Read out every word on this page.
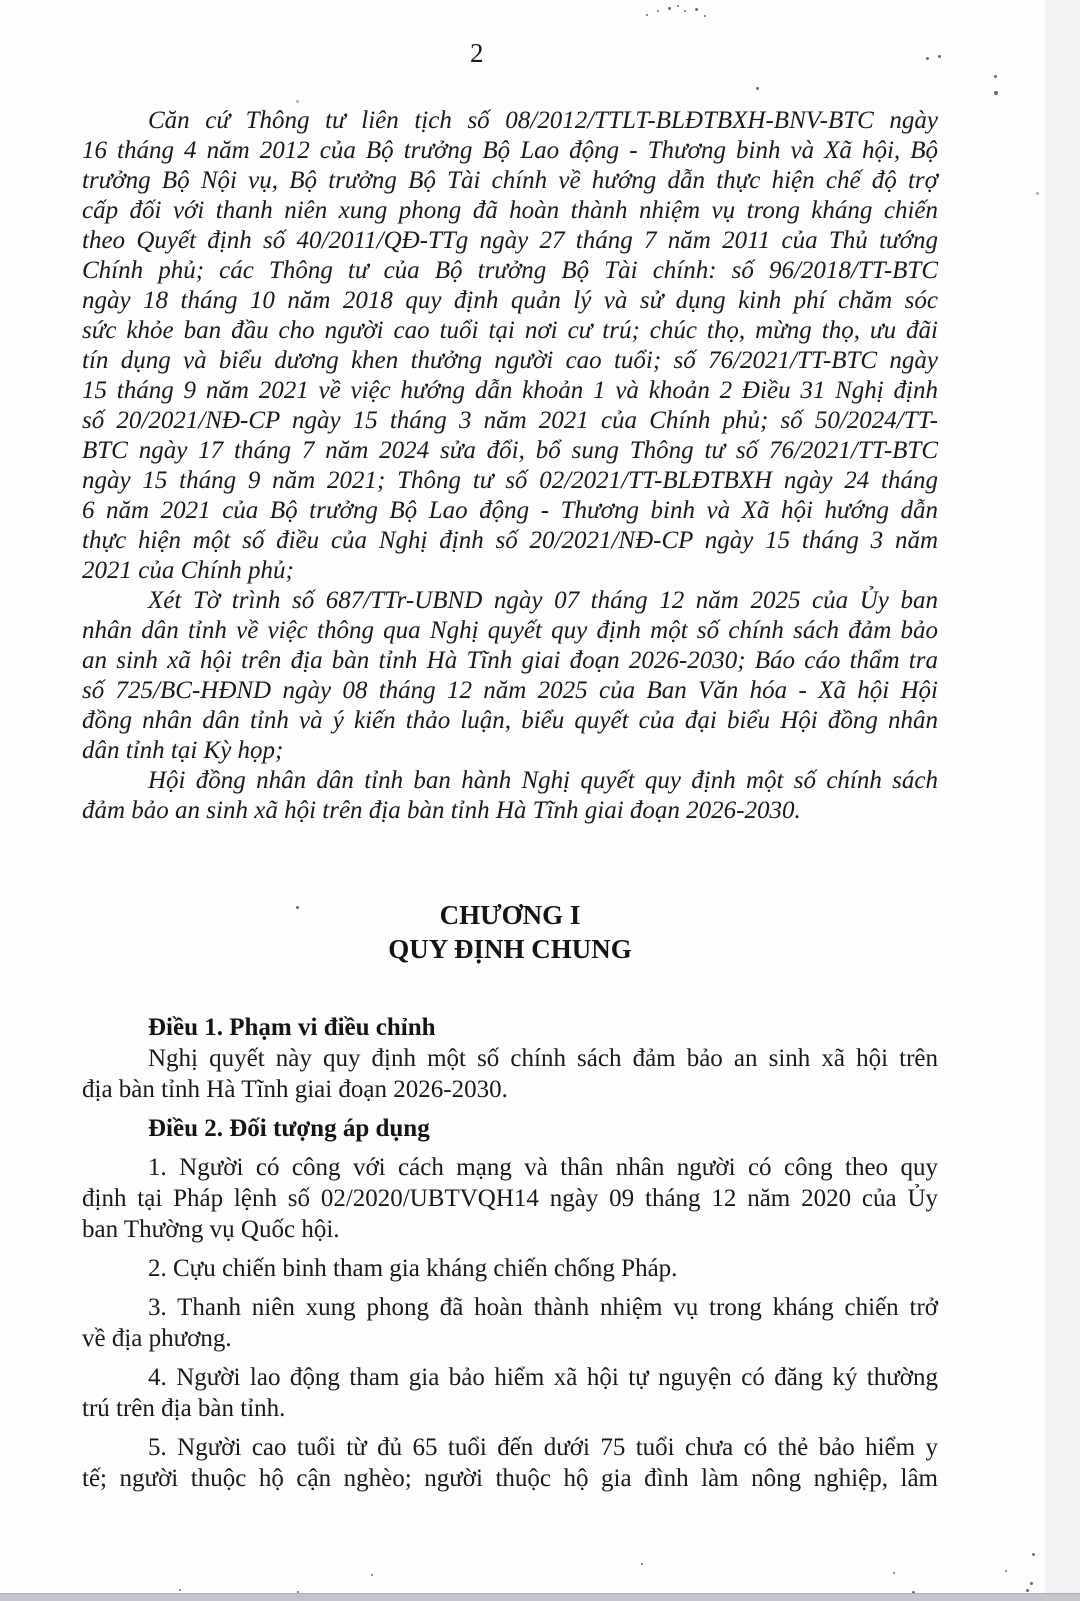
2
Căn cứ Thông tư liên tịch số 08/2012/TTLT-BLĐTBXH-BNV-BTC ngày
16 tháng 4 năm 2012 của Bộ trưởng Bộ Lao động - Thương binh và Xã hội, Bộ
trưởng Bộ Nội vụ, Bộ trưởng Bộ Tài chính về hướng dẫn thực hiện chế độ trợ
cấp đối với thanh niên xung phong đã hoàn thành nhiệm vụ trong kháng chiến
theo Quyết định số 40/2011/QĐ-TTg ngày 27 tháng 7 năm 2011 của Thủ tướng
Chính phủ; các Thông tư của Bộ trưởng Bộ Tài chính: số 96/2018/TT-BTC
ngày 18 tháng 10 năm 2018 quy định quản lý và sử dụng kinh phí chăm sóc
sức khỏe ban đầu cho người cao tuổi tại nơi cư trú; chúc thọ, mừng thọ, ưu đãi
tín dụng và biểu dương khen thưởng người cao tuổi; số 76/2021/TT-BTC ngày
15 tháng 9 năm 2021 về việc hướng dẫn khoản 1 và khoản 2 Điều 31 Nghị định
số 20/2021/NĐ-CP ngày 15 tháng 3 năm 2021 của Chính phủ; số 50/2024/TT-
BTC ngày 17 tháng 7 năm 2024 sửa đổi, bổ sung Thông tư số 76/2021/TT-BTC
ngày 15 tháng 9 năm 2021; Thông tư số 02/2021/TT-BLĐTBXH ngày 24 tháng
6 năm 2021 của Bộ trưởng Bộ Lao động - Thương binh và Xã hội hướng dẫn
thực hiện một số điều của Nghị định số 20/2021/NĐ-CP ngày 15 tháng 3 năm
2021 của Chính phủ;
Xét Tờ trình số 687/TTr-UBND ngày 07 tháng 12 năm 2025 của Ủy ban
nhân dân tỉnh về việc thông qua Nghị quyết quy định một số chính sách đảm bảo
an sinh xã hội trên địa bàn tỉnh Hà Tĩnh giai đoạn 2026-2030; Báo cáo thẩm tra
số 725/BC-HĐND ngày 08 tháng 12 năm 2025 của Ban Văn hóa - Xã hội Hội
đồng nhân dân tỉnh và ý kiến thảo luận, biểu quyết của đại biểu Hội đồng nhân
dân tỉnh tại Kỳ họp;
Hội đồng nhân dân tỉnh ban hành Nghị quyết quy định một số chính sách
đảm bảo an sinh xã hội trên địa bàn tỉnh Hà Tĩnh giai đoạn 2026-2030.
CHƯƠNG I
QUY ĐỊNH CHUNG
Điều 1. Phạm vi điều chỉnh
Nghị quyết này quy định một số chính sách đảm bảo an sinh xã hội trên
địa bàn tỉnh Hà Tĩnh giai đoạn 2026-2030.
Điều 2. Đối tượng áp dụng
1. Người có công với cách mạng và thân nhân người có công theo quy
định tại Pháp lệnh số 02/2020/UBTVQH14 ngày 09 tháng 12 năm 2020 của Ủy
ban Thường vụ Quốc hội.
2. Cựu chiến binh tham gia kháng chiến chống Pháp.
3. Thanh niên xung phong đã hoàn thành nhiệm vụ trong kháng chiến trở
về địa phương.
4. Người lao động tham gia bảo hiểm xã hội tự nguyện có đăng ký thường
trú trên địa bàn tỉnh.
5. Người cao tuổi từ đủ 65 tuổi đến dưới 75 tuổi chưa có thẻ bảo hiểm y
tế; người thuộc hộ cận nghèo; người thuộc hộ gia đình làm nông nghiệp, lâm
